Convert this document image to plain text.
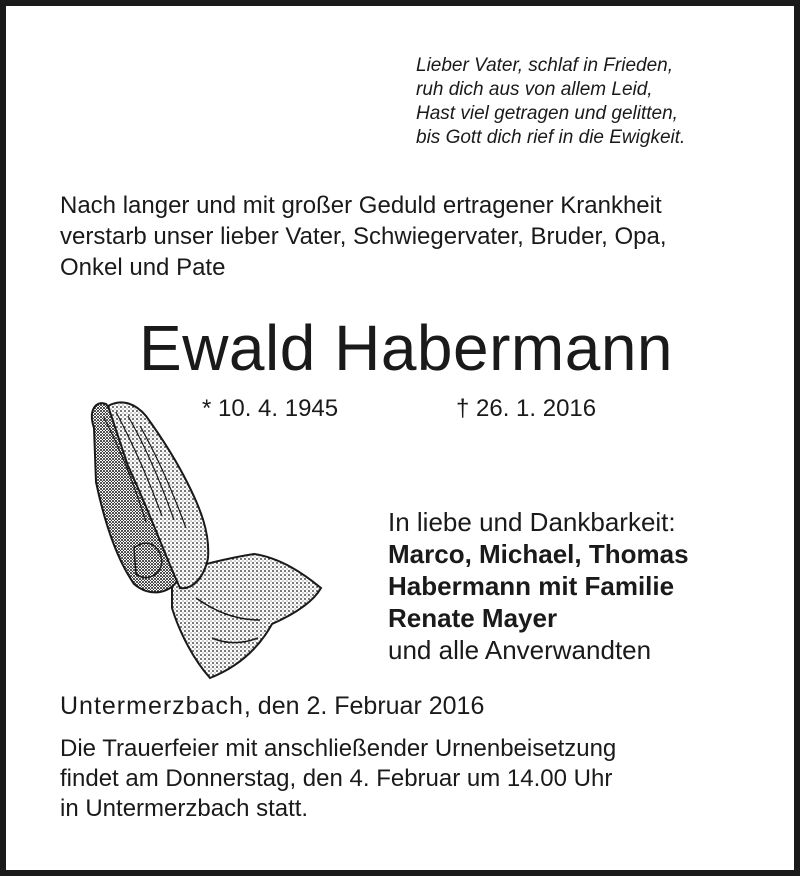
Lieber Vater, schlaf in Frieden,
ruh dich aus von allem Leid,
Hast viel getragen und gelitten,
bis Gott dich rief in die Ewigkeit.
Nach langer und mit großer Geduld ertragener Krankheit
verstarb unser lieber Vater, Schwiegervater, Bruder, Opa,
Onkel und Pate
Ewald Habermann
* 10. 4. 1945	† 26. 1. 2016
In liebe und Dankbarkeit:
Marco, Michael, Thomas
Habermann mit Familie
Renate Mayer
und alle Anverwandten
Untermerzbach, den 2. Februar 2016
Die Trauerfeier mit anschließender Urnenbeisetzung
findet am Donnerstag, den 4. Februar um 14.00 Uhr
in Untermerzbach statt.
